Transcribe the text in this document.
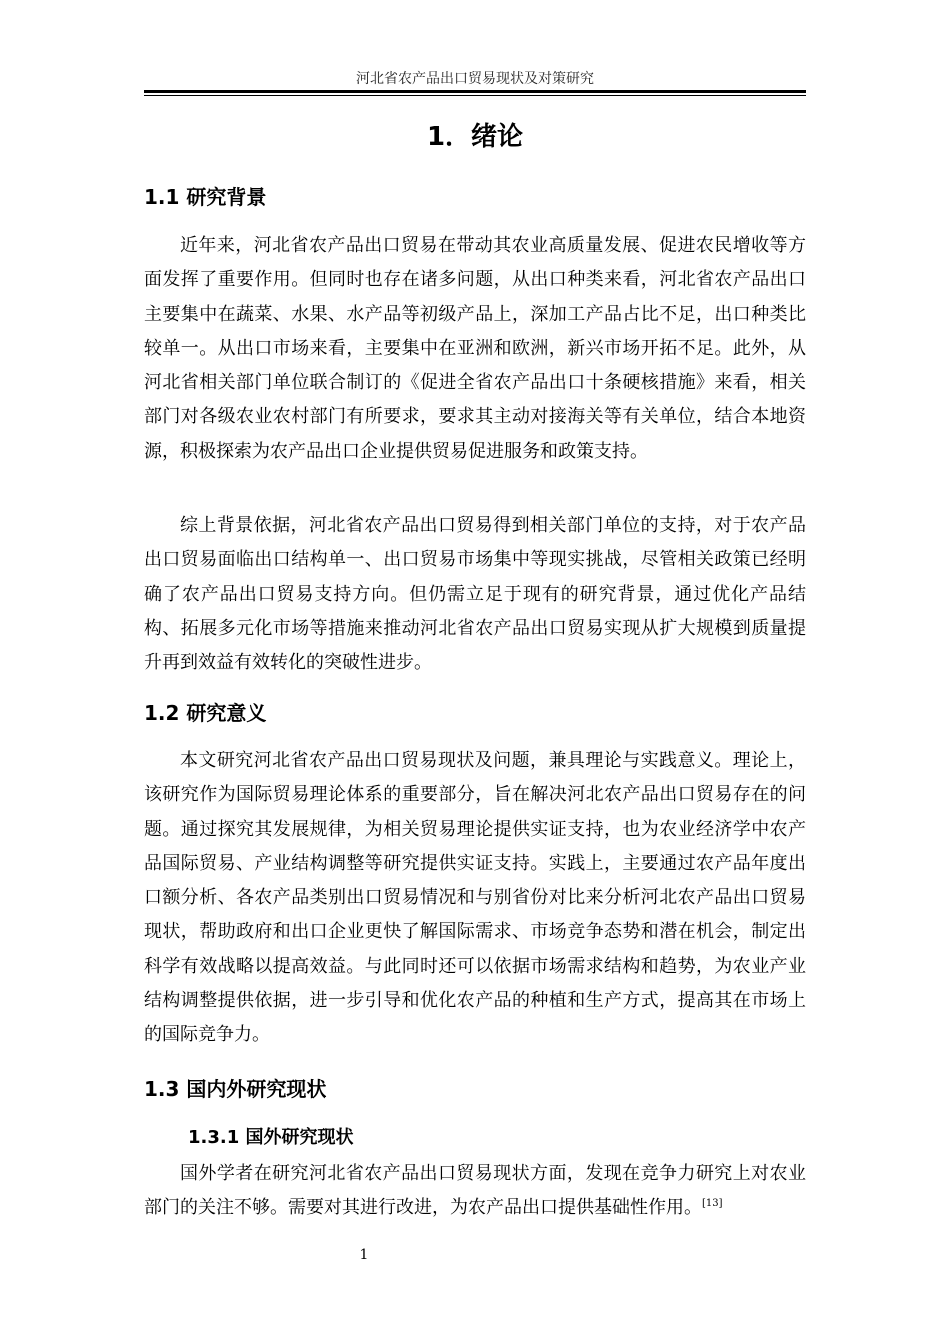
河北省农产品出口贸易现状及对策研究
1．绪论
1.1 研究背景

近年来，河北省农产品出口贸易在带动其农业高质量发展、促进农民增收等方面发挥了重要作用。但同时也存在诸多问题，从出口种类来看，河北省农产品出口主要集中在蔬菜、水果、水产品等初级产品上，深加工产品占比不足，出口种类比较单一。从出口市场来看，主要集中在亚洲和欧洲，新兴市场开拓不足。此外，从河北省相关部门单位联合制订的《促进全省农产品出口十条硬核措施》来看，相关部门对各级农业农村部门有所要求，要求其主动对接海关等有关单位，结合本地资源，积极探索为农产品出口企业提供贸易促进服务和政策支持。

综上背景依据，河北省农产品出口贸易得到相关部门单位的支持，对于农产品出口贸易面临出口结构单一、出口贸易市场集中等现实挑战，尽管相关政策已经明确了农产品出口贸易支持方向。但仍需立足于现有的研究背景，通过优化产品结构、拓展多元化市场等措施来推动河北省农产品出口贸易实现从扩大规模到质量提升再到效益有效转化的突破性进步。

1.2 研究意义

本文研究河北省农产品出口贸易现状及问题，兼具理论与实践意义。理论上，该研究作为国际贸易理论体系的重要部分，旨在解决河北农产品出口贸易存在的问题。通过探究其发展规律，为相关贸易理论提供实证支持，也为农业经济学中农产品国际贸易、产业结构调整等研究提供实证支持。实践上，主要通过农产品年度出口额分析、各农产品类别出口贸易情况和与别省份对比来分析河北农产品出口贸易现状，帮助政府和出口企业更快了解国际需求、市场竞争态势和潜在机会，制定出科学有效战略以提高效益。与此同时还可以依据市场需求结构和趋势，为农业产业结构调整提供依据，进一步引导和优化农产品的种植和生产方式，提高其在市场上的国际竞争力。

1.3 国内外研究现状
1.3.1 国外研究现状

国外学者在研究河北省农产品出口贸易现状方面，发现在竞争力研究上对农业部门的关注不够。需要对其进行改进，为农产品出口提供基础性作用。[13]

1
